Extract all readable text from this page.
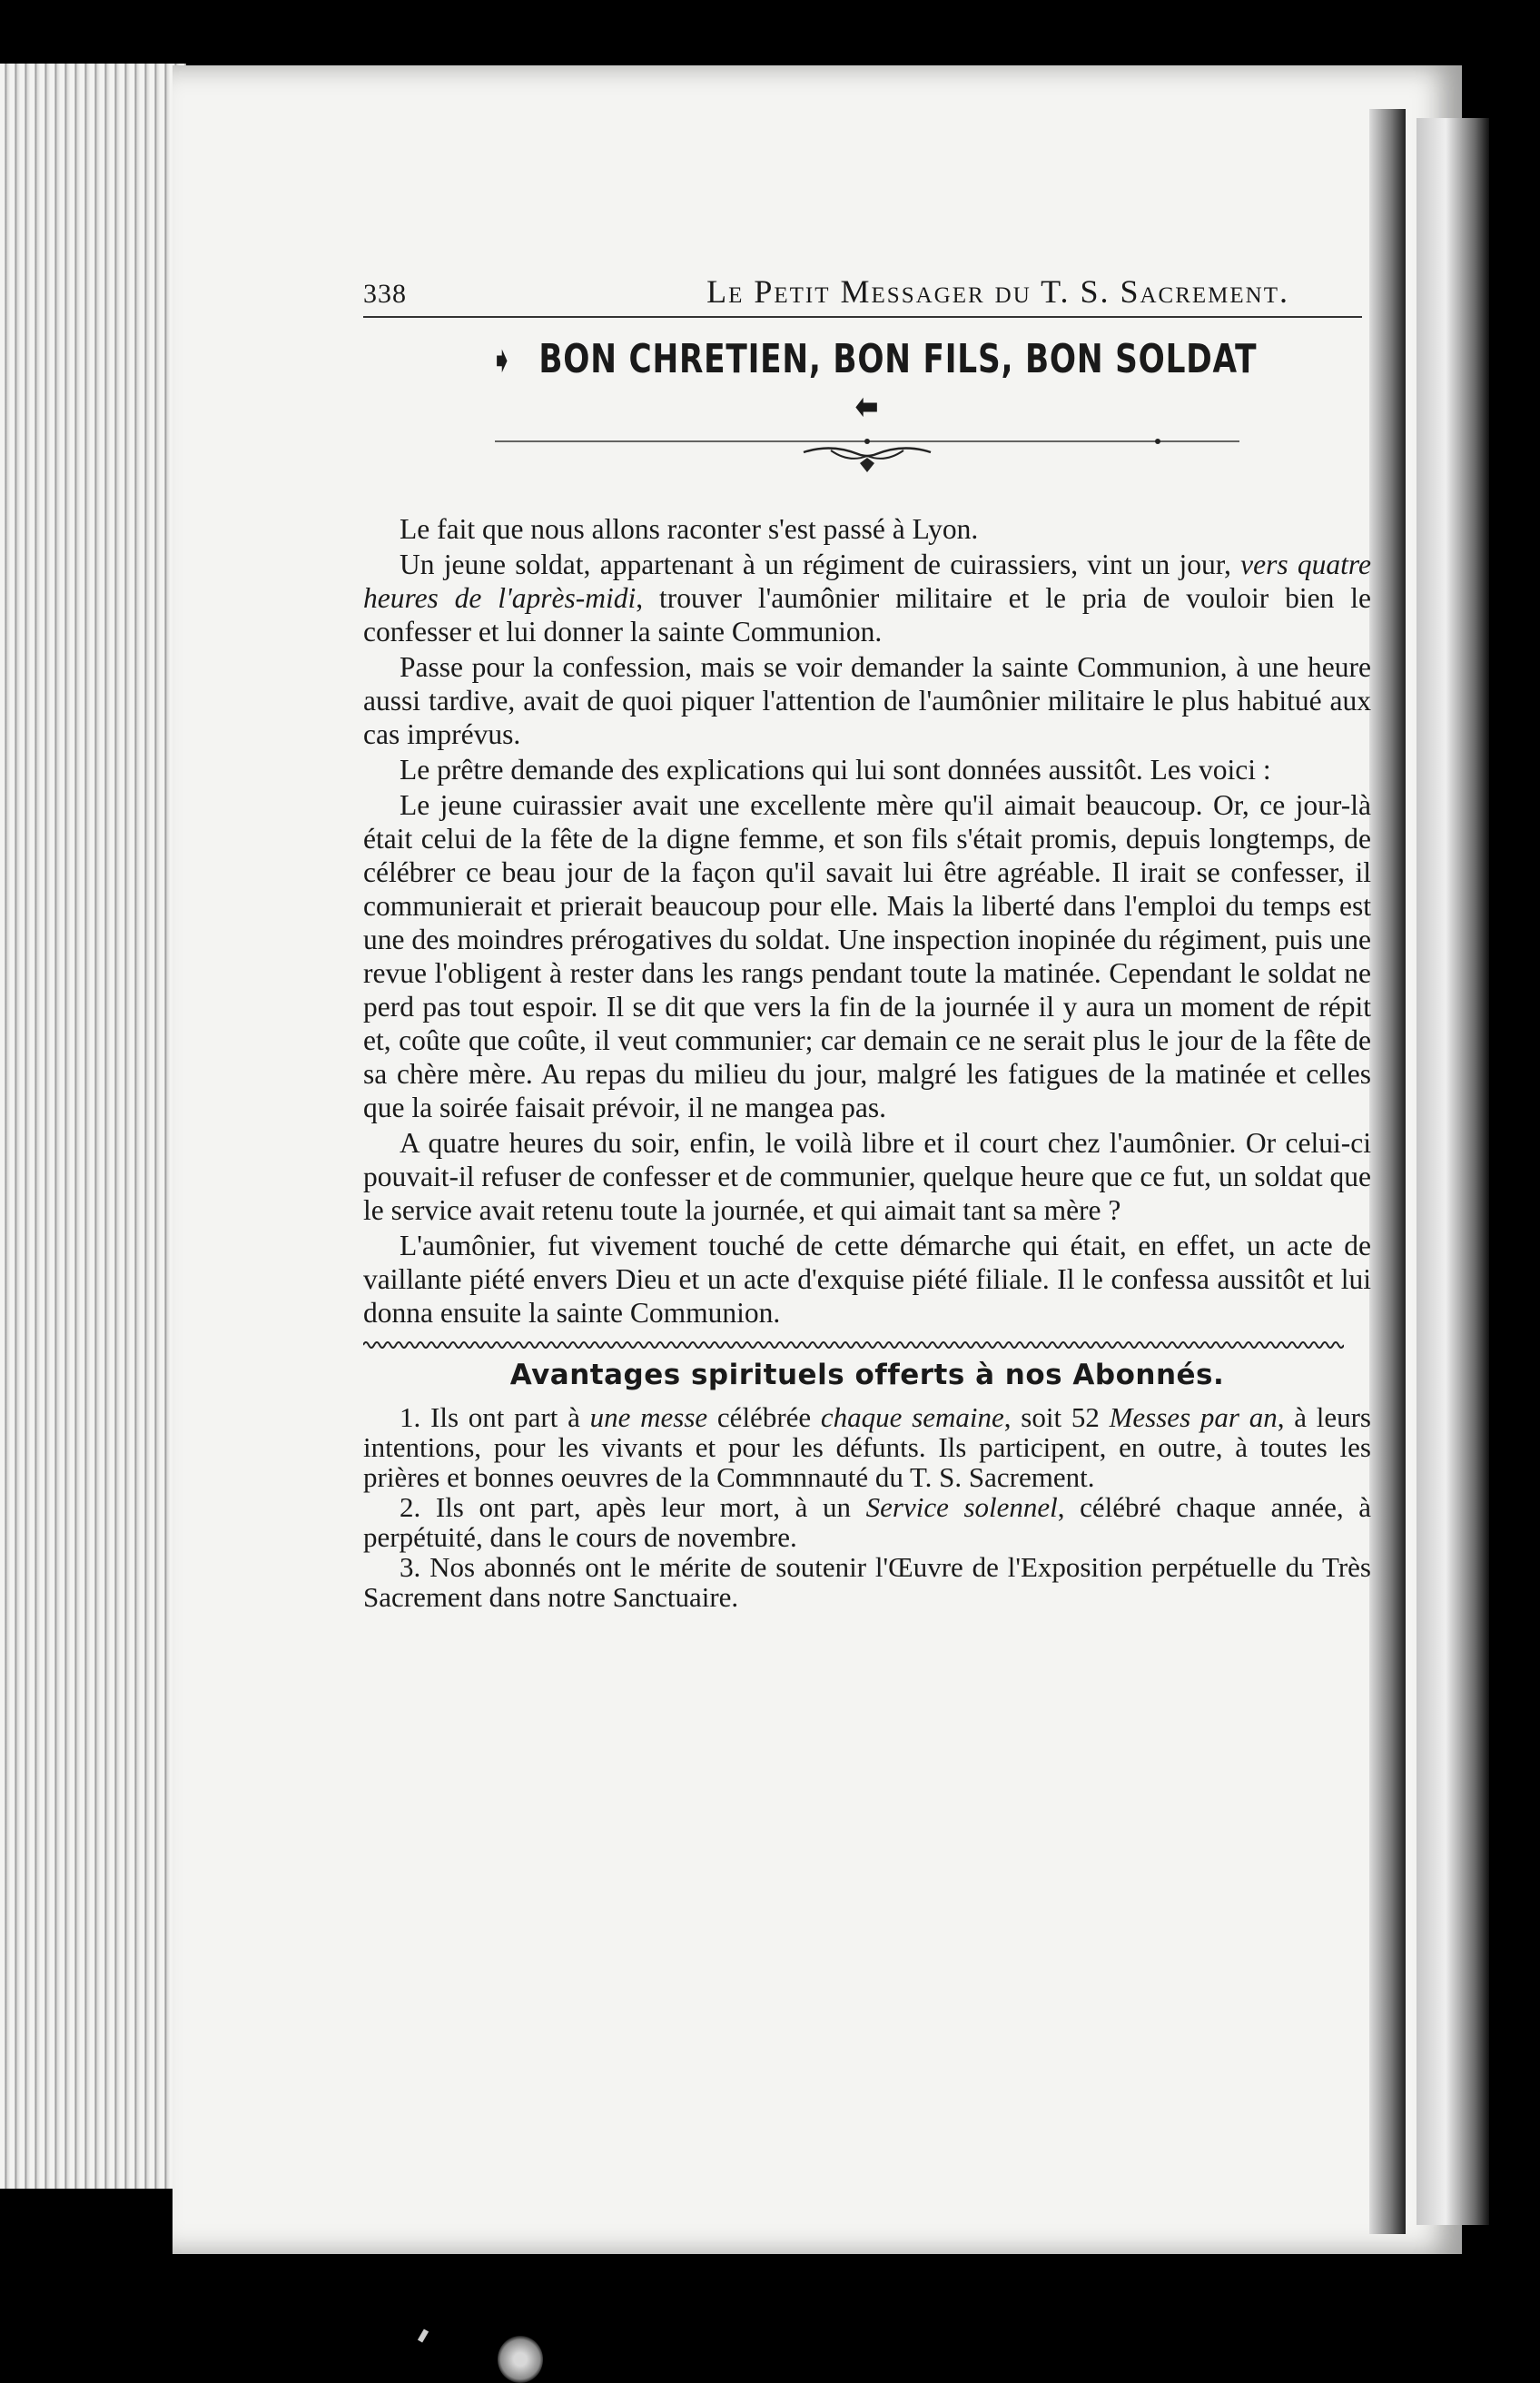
338	Le Petit Messager du T. S. Sacrement.
➧ BON CHRETIEN, BON FILS, BON SOLDAT ⬅

Le fait que nous allons raconter s'est passé à Lyon.

Un jeune soldat, appartenant à un régiment de cuirassiers, vint un jour, vers quatre heures de l'après-midi, trouver l'aumônier militaire et le pria de vouloir bien le confesser et lui donner la sainte Communion.

Passe pour la confession, mais se voir demander la sainte Communion, à une heure aussi tardive, avait de quoi piquer l'attention de l'aumônier militaire le plus habitué aux cas imprévus.

Le prêtre demande des explications qui lui sont données aussitôt. Les voici :

Le jeune cuirassier avait une excellente mère qu'il aimait beaucoup. Or, ce jour-là était celui de la fête de la digne femme, et son fils s'était promis, depuis longtemps, de célébrer ce beau jour de la façon qu'il savait lui être agréable. Il irait se confesser, il communierait et prierait beaucoup pour elle. Mais la liberté dans l'emploi du temps est une des moindres prérogatives du soldat. Une inspection inopinée du régiment, puis une revue l'obligent à rester dans les rangs pendant toute la matinée. Cependant le soldat ne perd pas tout espoir. Il se dit que vers la fin de la journée il y aura un moment de répit et, coûte que coûte, il veut communier; car demain ce ne serait plus le jour de la fête de sa chère mère. Au repas du milieu du jour, malgré les fatigues de la matinée et celles que la soirée faisait prévoir, il ne mangea pas.

A quatre heures du soir, enfin, le voilà libre et il court chez l'aumônier. Or celui-ci pouvait-il refuser de confesser et de communier, quelque heure que ce fut, un soldat que le service avait retenu toute la journée, et qui aimait tant sa mère ?

L'aumônier, fut vivement touché de cette démarche qui était, en effet, un acte de vaillante piété envers Dieu et un acte d'exquise piété filiale. Il le confessa aussitôt et lui donna ensuite la sainte Communion.

Avantages spirituels offerts à nos Abonnés.

1. Ils ont part à une messe célébrée chaque semaine, soit 52 Messes par an, à leurs intentions, pour les vivants et pour les défunts. Ils participent, en outre, à toutes les prières et bonnes oeuvres de la Commnnauté du T. S. Sacrement.

2. Ils ont part, apès leur mort, à un Service solennel, célébré chaque année, à perpétuité, dans le cours de novembre.

3. Nos abonnés ont le mérite de soutenir l'Œuvre de l'Exposition perpétuelle du Très Sacrement dans notre Sanctuaire.
